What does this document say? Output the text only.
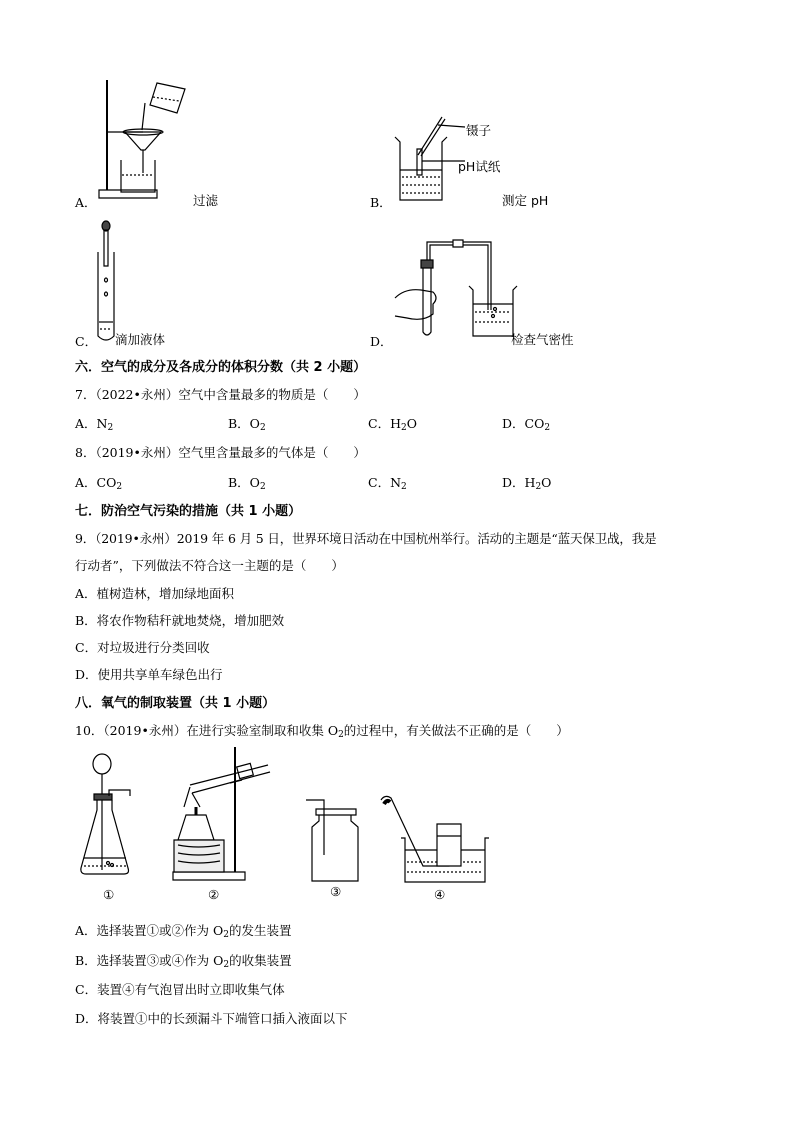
A．	过滤
镊子
pH试纸
B．	测定 pH
C． 滴加液体	D．	检查气密性
六．空气的成分及各成分的体积分数（共 2 小题）
7．（2022•永州）空气中含量最多的物质是（　　）
A．$N_2$	B．$O_2$	C．$H_2O$	D．$CO_2$
8．（2019•永州）空气里含量最多的气体是（　　）
A．$CO_2$	B．$O_2$	C．$N_2$	D．$H_2O$
七．防治空气污染的措施（共 1 小题）
9．（2019•永州）2019 年 6 月 5 日，世界环境日活动在中国杭州举行。活动的主题是“蓝天保卫战，我是
行动者”，下列做法不符合这一主题的是（　　）
A．植树造林，增加绿地面积
B．将农作物秸秆就地焚烧，增加肥效
C．对垃圾进行分类回收
D．使用共享单车绿色出行
八．氧气的制取装置（共 1 小题）
10．（2019•永州）在进行实验室制取和收集 $O_2$的过程中，有关做法不正确的是（　　）
①	②	③	④
A．选择装置①或②作为 $O_2$的发生装置
B．选择装置③或④作为 $O_2$的收集装置
C．装置④有气泡冒出时立即收集气体
D．将装置①中的长颈漏斗下端管口插入液面以下
